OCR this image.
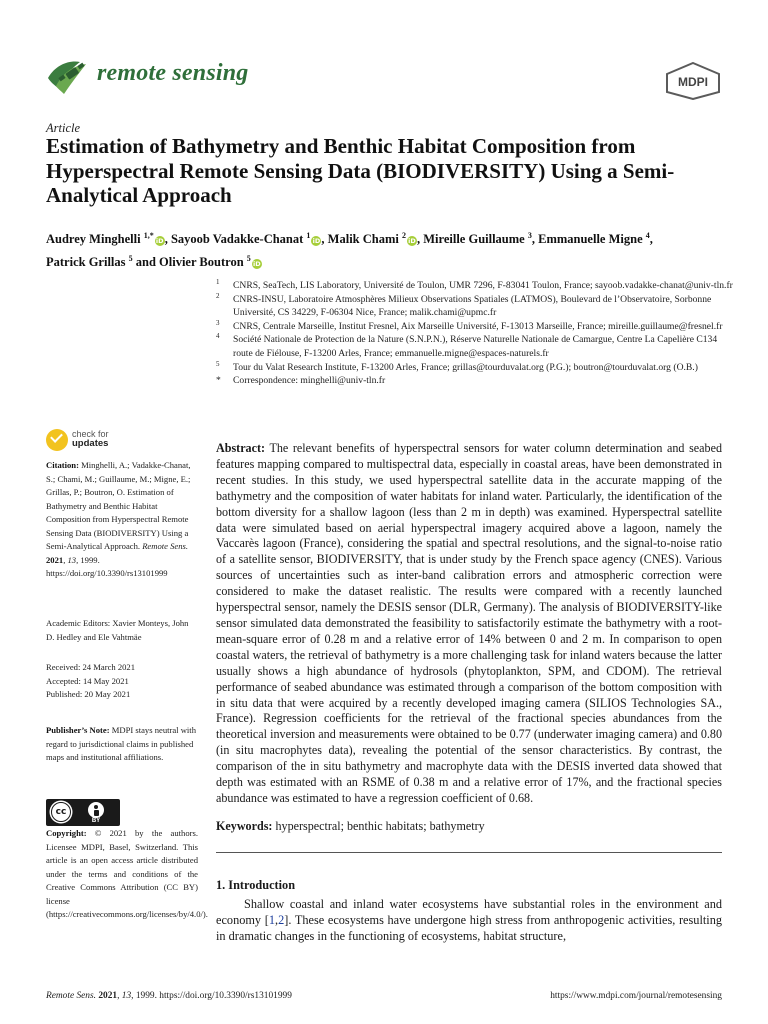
remote sensing	MDPI
Article
Estimation of Bathymetry and Benthic Habitat Composition from Hyperspectral Remote Sensing Data (BIODIVERSITY) Using a Semi-Analytical Approach
Audrey Minghelli $^{1,*}$iD, Sayoob Vadakke-Chanat $^1$iD, Malik Chami $^2$iD, Mireille Guillaume $^3$, Emmanuelle Migne $^4$,
Patrick Grillas $^5$ and Olivier Boutron $^5$iD
1 CNRS, SeaTech, LIS Laboratory, Université de Toulon, UMR 7296, F-83041 Toulon, France; sayoob.vadakke-chanat@univ-tln.fr
2 CNRS-INSU, Laboratoire Atmosphères Milieux Observations Spatiales (LATMOS), Boulevard de l’Observatoire, Sorbonne Université, CS 34229, F-06304 Nice, France; malik.chami@upmc.fr
3 CNRS, Centrale Marseille, Institut Fresnel, Aix Marseille Université, F-13013 Marseille, France; mireille.guillaume@fresnel.fr
4 Société Nationale de Protection de la Nature (S.N.P.N.), Réserve Naturelle Nationale de Camargue, Centre La Capelière C134 route de Fiélouse, F-13200 Arles, France; emmanuelle.migne@espaces-naturels.fr
5 Tour du Valat Research Institute, F-13200 Arles, France; grillas@tourduvalat.org (P.G.); boutron@tourduvalat.org (O.B.)
* Correspondence: minghelli@univ-tln.fr
check for
updates
Citation: Minghelli, A.; Vadakke-Chanat, S.; Chami, M.; Guillaume, M.; Migne, E.; Grillas, P.; Boutron, O. Estimation of Bathymetry and Benthic Habitat Composition from Hyperspectral Remote Sensing Data (BIODIVERSITY) Using a Semi-Analytical Approach. Remote Sens. 2021, 13, 1999. https://doi.org/10.3390/rs13101999
Academic Editors: Xavier Monteys, John D. Hedley and Ele Vahtmäe
Received: 24 March 2021
Accepted: 14 May 2021
Published: 20 May 2021
Publisher’s Note: MDPI stays neutral with regard to jurisdictional claims in published maps and institutional affiliations.
cc
BY
Copyright: © 2021 by the authors. Licensee MDPI, Basel, Switzerland. This article is an open access article distributed under the terms and conditions of the Creative Commons Attribution (CC BY) license (https://creativecommons.org/licenses/by/4.0/).
Abstract: The relevant benefits of hyperspectral sensors for water column determination and seabed features mapping compared to multispectral data, especially in coastal areas, have been demonstrated in recent studies. In this study, we used hyperspectral satellite data in the accurate mapping of the bathymetry and the composition of water habitats for inland water. Particularly, the identification of the bottom diversity for a shallow lagoon (less than 2 m in depth) was examined. Hyperspectral satellite data were simulated based on aerial hyperspectral imagery acquired above a lagoon, namely the Vaccarès lagoon (France), considering the spatial and spectral resolutions, and the signal-to-noise ratio of a satellite sensor, BIODIVERSITY, that is under study by the French space agency (CNES). Various sources of uncertainties such as inter-band calibration errors and atmospheric correction were considered to make the dataset realistic. The results were compared with a recently launched hyperspectral sensor, namely the DESIS sensor (DLR, Germany). The analysis of BIODIVERSITY-like sensor simulated data demonstrated the feasibility to satisfactorily estimate the bathymetry with a root-mean-square error of 0.28 m and a relative error of 14% between 0 and 2 m. In comparison to open coastal waters, the retrieval of bathymetry is a more challenging task for inland waters because the latter usually shows a high abundance of hydrosols (phytoplankton, SPM, and CDOM). The retrieval performance of seabed abundance was estimated through a comparison of the bottom composition with in situ data that were acquired by a recently developed imaging camera (SILIOS Technologies SA., France). Regression coefficients for the retrieval of the fractional species abundances from the theoretical inversion and measurements were obtained to be 0.77 (underwater imaging camera) and 0.80 (in situ macrophytes data), revealing the potential of the sensor characteristics. By contrast, the comparison of the in situ bathymetry and macrophyte data with the DESIS inverted data showed that depth was estimated with an RSME of 0.38 m and a relative error of 17%, and the fractional species abundance was estimated to have a regression coefficient of 0.68.
Keywords: hyperspectral; benthic habitats; bathymetry
1. Introduction
Shallow coastal and inland water ecosystems have substantial roles in the environment and economy [1,2]. These ecosystems have undergone high stress from anthropogenic activities, resulting in dramatic changes in the functioning of ecosystems, habitat structure,
Remote Sens. 2021, 13, 1999. https://doi.org/10.3390/rs13101999	https://www.mdpi.com/journal/remotesensing
